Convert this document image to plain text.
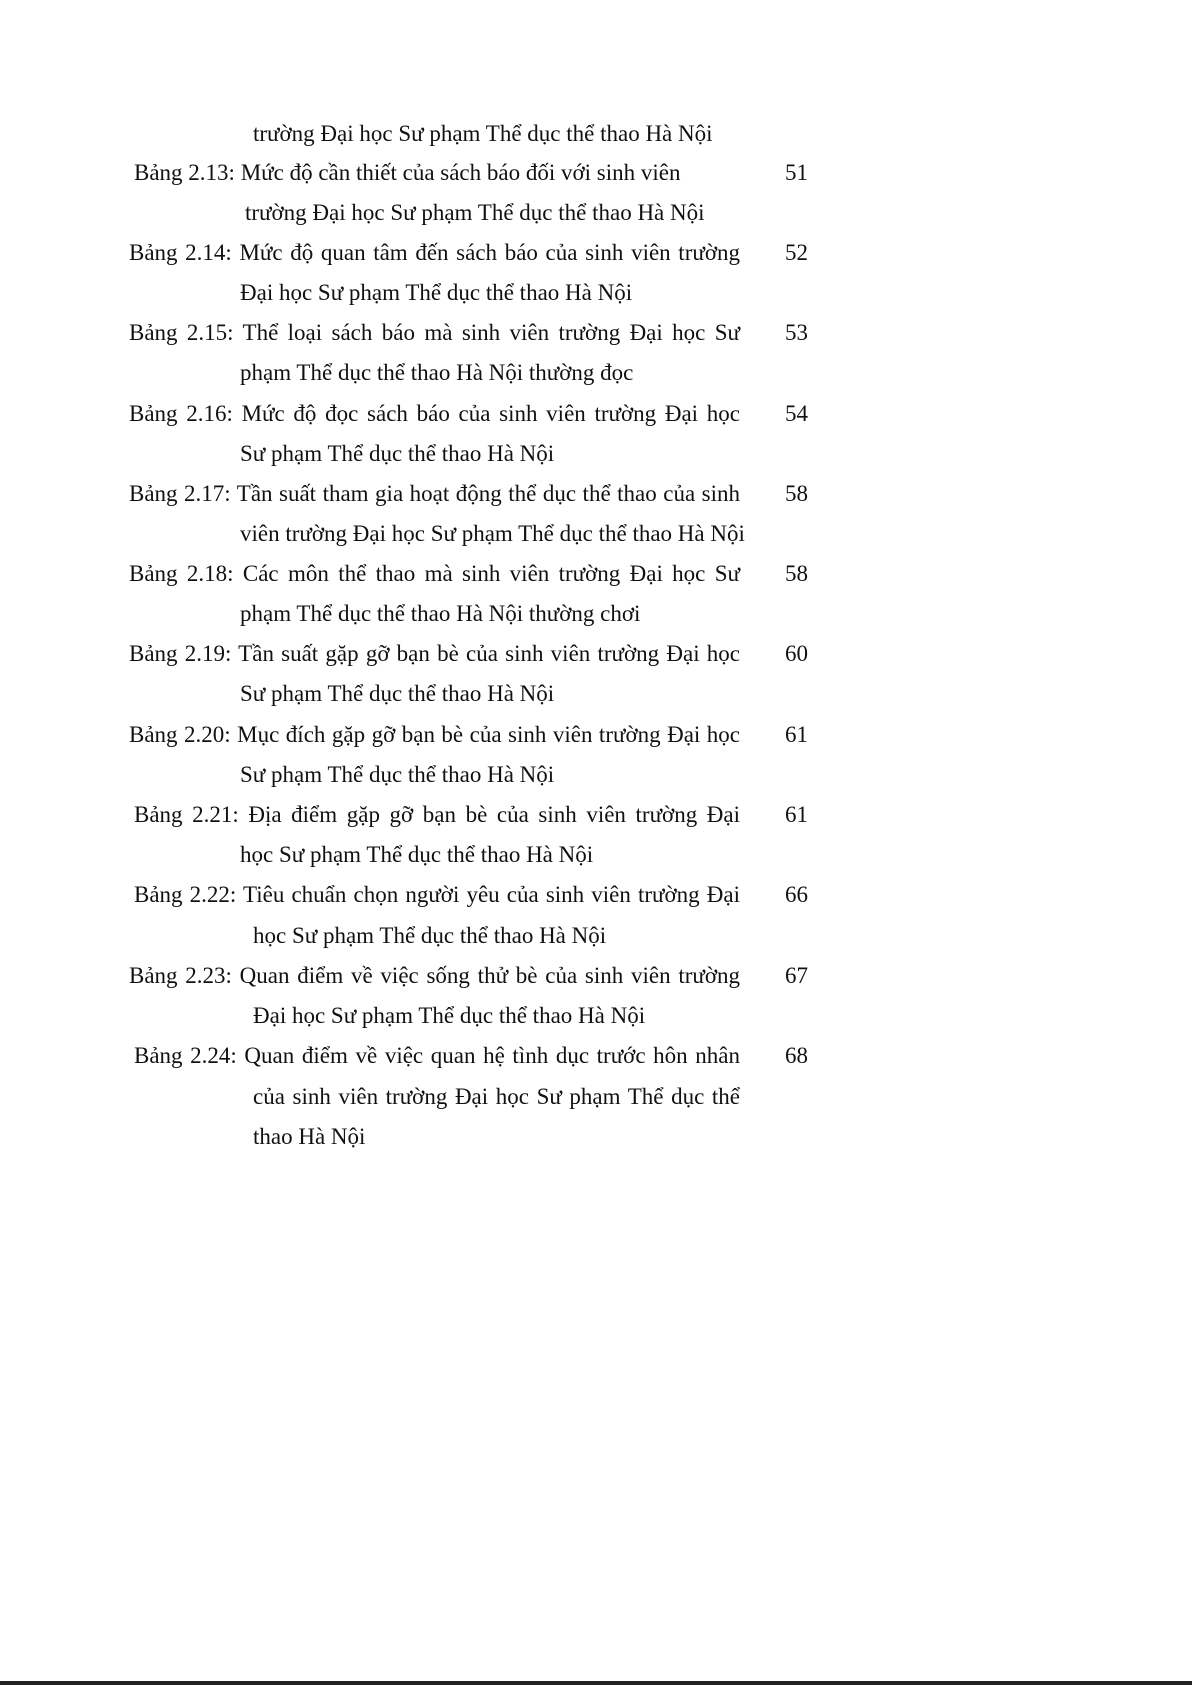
trường Đại học Sư phạm Thể dục thể thao Hà Nội
Bảng 2.13: Mức độ cần thiết của sách báo đối với sinh viên	51
trường Đại học Sư phạm Thể dục thể thao Hà Nội
Bảng 2.14: Mức độ quan tâm đến sách báo của sinh viên trường	52
Đại học Sư phạm Thể dục thể thao Hà Nội
Bảng 2.15: Thể loại sách báo mà sinh viên trường Đại học Sư	53
phạm Thể dục thể thao Hà Nội thường đọc
Bảng 2.16: Mức độ đọc sách báo của sinh viên trường Đại học	54
Sư phạm Thể dục thể thao Hà Nội
Bảng 2.17: Tần suất tham gia hoạt động thể dục thể thao của sinh	58
viên trường Đại học Sư phạm Thể dục thể thao Hà Nội
Bảng 2.18: Các môn thể thao mà sinh viên trường Đại học Sư	58
phạm Thể dục thể thao Hà Nội thường chơi
Bảng 2.19: Tần suất gặp gỡ bạn bè của sinh viên trường Đại học	60
Sư phạm Thể dục thể thao Hà Nội
Bảng 2.20: Mục đích gặp gỡ bạn bè của sinh viên trường Đại học	61
Sư phạm Thể dục thể thao Hà Nội
Bảng 2.21: Địa điểm gặp gỡ bạn bè của sinh viên trường Đại	61
học Sư phạm Thể dục thể thao Hà Nội
Bảng 2.22: Tiêu chuẩn chọn người yêu của sinh viên trường Đại	66
học Sư phạm Thể dục thể thao Hà Nội
Bảng 2.23: Quan điểm về việc sống thử bè của sinh viên trường	67
Đại học Sư phạm Thể dục thể thao Hà Nội
Bảng 2.24: Quan điểm về việc quan hệ tình dục trước hôn nhân	68
của sinh viên trường Đại học Sư phạm Thể dục thể
thao Hà Nội
